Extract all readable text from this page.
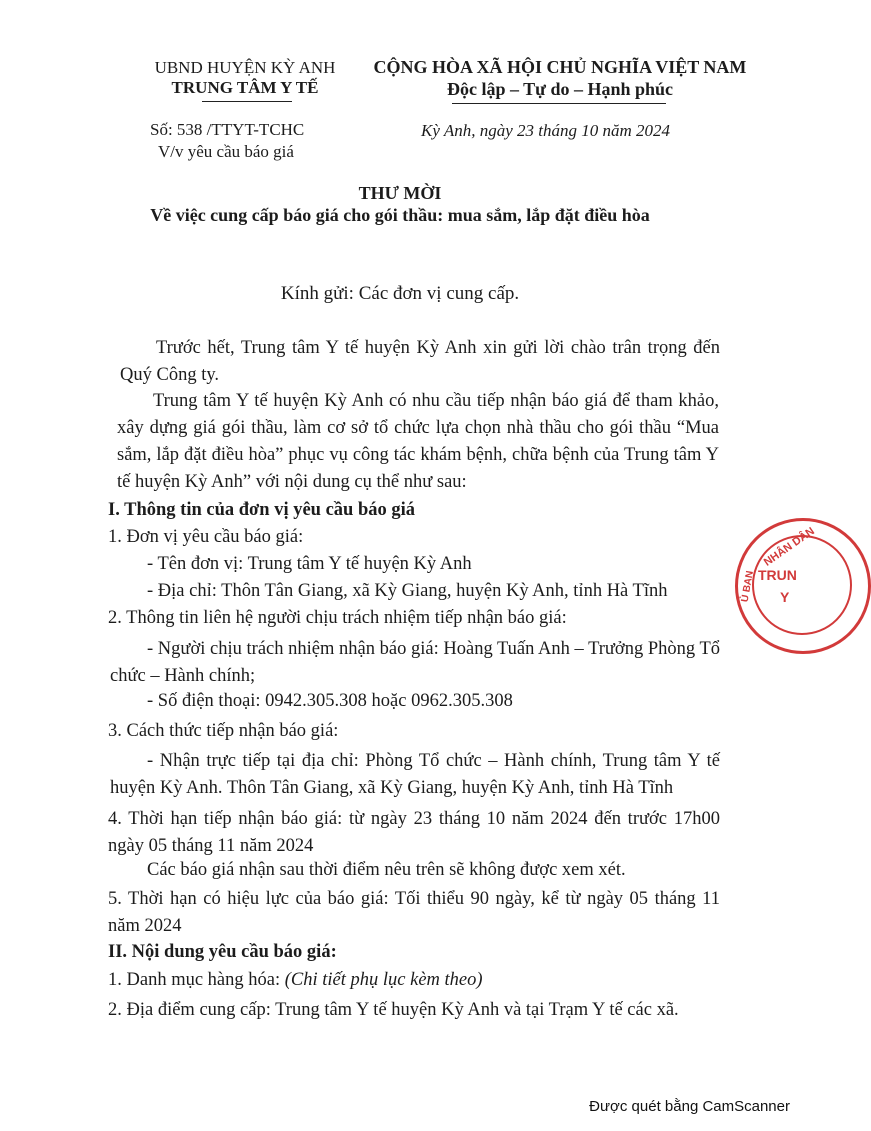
UBND HUYỆN KỲ ANH
TRUNG TÂM Y TẾ
Số: 538 /TTYT-TCHC
V/v yêu cầu báo giá
CỘNG HÒA XÃ HỘI CHỦ NGHĨA VIỆT NAM
Độc lập – Tự do – Hạnh phúc
Kỳ Anh, ngày 23 tháng 10 năm 2024
THƯ MỜI
Về việc cung cấp báo giá cho gói thầu: mua sắm, lắp đặt điều hòa
Kính gửi: Các đơn vị cung cấp.
Trước hết, Trung tâm Y tế huyện Kỳ Anh xin gửi lời chào trân trọng đến Quý Công ty.
Trung tâm Y tế huyện Kỳ Anh có nhu cầu tiếp nhận báo giá để tham khảo, xây dựng giá gói thầu, làm cơ sở tổ chức lựa chọn nhà thầu cho gói thầu “Mua sắm, lắp đặt điều hòa” phục vụ công tác khám bệnh, chữa bệnh của Trung tâm Y tế huyện Kỳ Anh” với nội dung cụ thể như sau:
I. Thông tin của đơn vị yêu cầu báo giá
1. Đơn vị yêu cầu báo giá:
- Tên đơn vị: Trung tâm Y tế huyện Kỳ Anh
- Địa chỉ: Thôn Tân Giang, xã Kỳ Giang, huyện Kỳ Anh, tỉnh Hà Tĩnh
2. Thông tin liên hệ người chịu trách nhiệm tiếp nhận báo giá:
- Người chịu trách nhiệm nhận báo giá: Hoàng Tuấn Anh – Trưởng Phòng Tổ chức – Hành chính;
- Số điện thoại: 0942.305.308 hoặc 0962.305.308
3. Cách thức tiếp nhận báo giá:
- Nhận trực tiếp tại địa chỉ: Phòng Tổ chức – Hành chính, Trung tâm Y tế huyện Kỳ Anh. Thôn Tân Giang, xã Kỳ Giang, huyện Kỳ Anh, tỉnh Hà Tĩnh
4. Thời hạn tiếp nhận báo giá: từ ngày 23 tháng 10 năm 2024 đến trước 17h00 ngày 05 tháng 11 năm 2024
Các báo giá nhận sau thời điểm nêu trên sẽ không được xem xét.
5. Thời hạn có hiệu lực của báo giá: Tối thiểu 90 ngày, kể từ ngày 05 tháng 11 năm 2024
II. Nội dung yêu cầu báo giá:
1. Danh mục hàng hóa: (Chi tiết phụ lục kèm theo)
2. Địa điểm cung cấp: Trung tâm Y tế huyện Kỳ Anh và tại Trạm Y tế các xã.
NHÂN DÂN
Ủ BAN TRUN
Y
Được quét bằng CamScanner
